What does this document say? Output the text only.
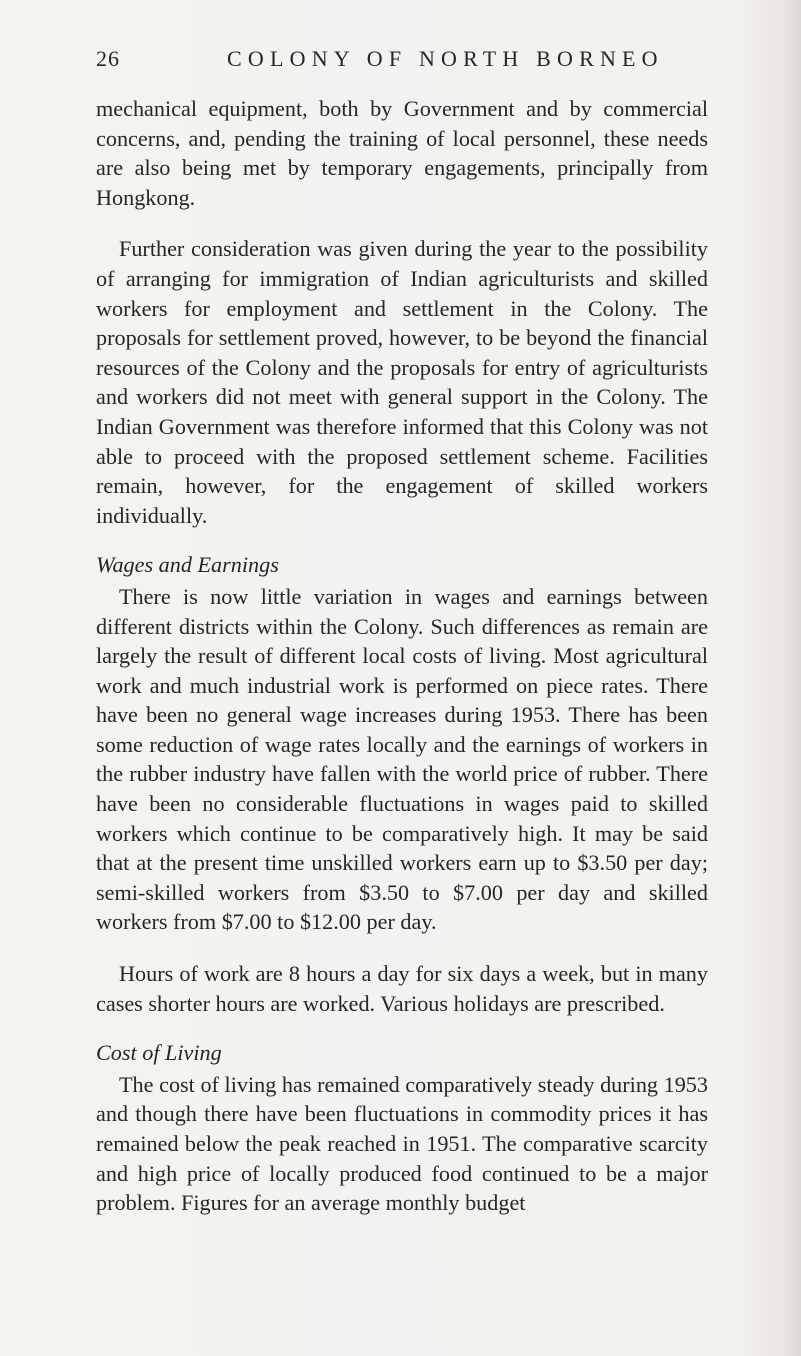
26	COLONY OF NORTH BORNEO

mechanical equipment, both by Government and by commercial concerns, and, pending the training of local personnel, these needs are also being met by temporary engagements, principally from Hongkong.

Further consideration was given during the year to the possibility of arranging for immigration of Indian agriculturists and skilled workers for employment and settlement in the Colony. The proposals for settlement proved, however, to be beyond the financial resources of the Colony and the proposals for entry of agriculturists and workers did not meet with general support in the Colony. The Indian Government was therefore informed that this Colony was not able to proceed with the proposed settlement scheme. Facilities remain, however, for the engagement of skilled workers individually.

Wages and Earnings

There is now little variation in wages and earnings between different districts within the Colony. Such differences as remain are largely the result of different local costs of living. Most agricultural work and much industrial work is performed on piece rates. There have been no general wage increases during 1953. There has been some reduction of wage rates locally and the earnings of workers in the rubber industry have fallen with the world price of rubber. There have been no considerable fluctuations in wages paid to skilled workers which continue to be comparatively high. It may be said that at the present time unskilled workers earn up to $3.50 per day; semi-skilled workers from $3.50 to $7.00 per day and skilled workers from $7.00 to $12.00 per day.

Hours of work are 8 hours a day for six days a week, but in many cases shorter hours are worked. Various holidays are prescribed.

Cost of Living

The cost of living has remained comparatively steady during 1953 and though there have been fluctuations in commodity prices it has remained below the peak reached in 1951. The comparative scarcity and high price of locally produced food continued to be a major problem. Figures for an average monthly budget
